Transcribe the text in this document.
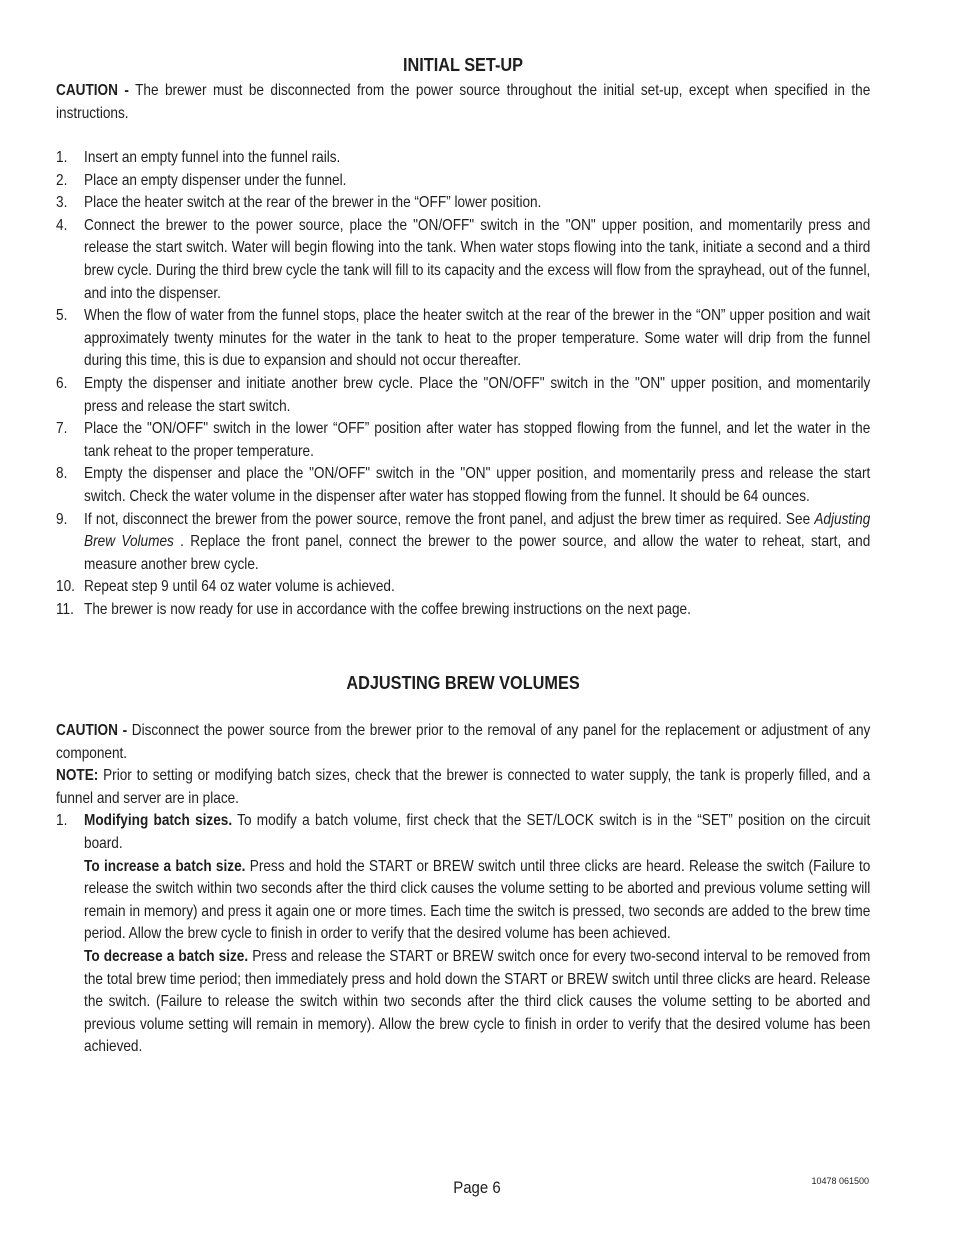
INITIAL SET-UP

CAUTION - The brewer must be disconnected from the power source throughout the initial set-up, except when specified in the instructions.

1. Insert an empty funnel into the funnel rails.
2. Place an empty dispenser under the funnel.
3. Place the heater switch at the rear of the brewer in the “OFF” lower position.
4. Connect the brewer to the power source, place the "ON/OFF" switch in the "ON" upper position, and momentarily press and release the start switch. Water will begin flowing into the tank. When water stops flowing into the tank, initiate a second and a third brew cycle. During the third brew cycle the tank will fill to its capacity and the excess will flow from the sprayhead, out of the funnel, and into the dispenser.
5. When the flow of water from the funnel stops, place the heater switch at the rear of the brewer in the “ON” upper position and wait approximately twenty minutes for the water in the tank to heat to the proper temperature. Some water will drip from the funnel during this time, this is due to expansion and should not occur thereafter.
6. Empty the dispenser and initiate another brew cycle. Place the "ON/OFF" switch in the "ON" upper position, and momentarily press and release the start switch.
7. Place the "ON/OFF" switch in the lower “OFF” position after water has stopped flowing from the funnel, and let the water in the tank reheat to the proper temperature.
8. Empty the dispenser and place the "ON/OFF" switch in the "ON" upper position, and momentarily press and release the start switch. Check the water volume in the dispenser after water has stopped flowing from the funnel. It should be 64 ounces.
9. If not, disconnect the brewer from the power source, remove the front panel, and adjust the brew timer as required. See Adjusting Brew Volumes . Replace the front panel, connect the brewer to the power source, and allow the water to reheat, start, and measure another brew cycle.
10. Repeat step 9 until 64 oz water volume is achieved.
11. The brewer is now ready for use in accordance with the coffee brewing instructions on the next page.
ADJUSTING BREW VOLUMES

CAUTION - Disconnect the power source from the brewer prior to the removal of any panel for the replacement or adjustment of any component.

NOTE: Prior to setting or modifying batch sizes, check that the brewer is connected to water supply, the tank is properly filled, and a funnel and server are in place.

1. Modifying batch sizes. To modify a batch volume, first check that the SET/LOCK switch is in the “SET” position on the circuit board.

To increase a batch size. Press and hold the START or BREW switch until three clicks are heard. Release the switch (Failure to release the switch within two seconds after the third click causes the volume setting to be aborted and previous volume setting will remain in memory) and press it again one or more times. Each time the switch is pressed, two seconds are added to the brew time period. Allow the brew cycle to finish in order to verify that the desired volume has been achieved.

To decrease a batch size. Press and release the START or BREW switch once for every two-second interval to be removed from the total brew time period; then immediately press and hold down the START or BREW switch until three clicks are heard. Release the switch. (Failure to release the switch within two seconds after the third click causes the volume setting to be aborted and previous volume setting will remain in memory). Allow the brew cycle to finish in order to verify that the desired volume has been achieved.

Page 6	10478 061500
